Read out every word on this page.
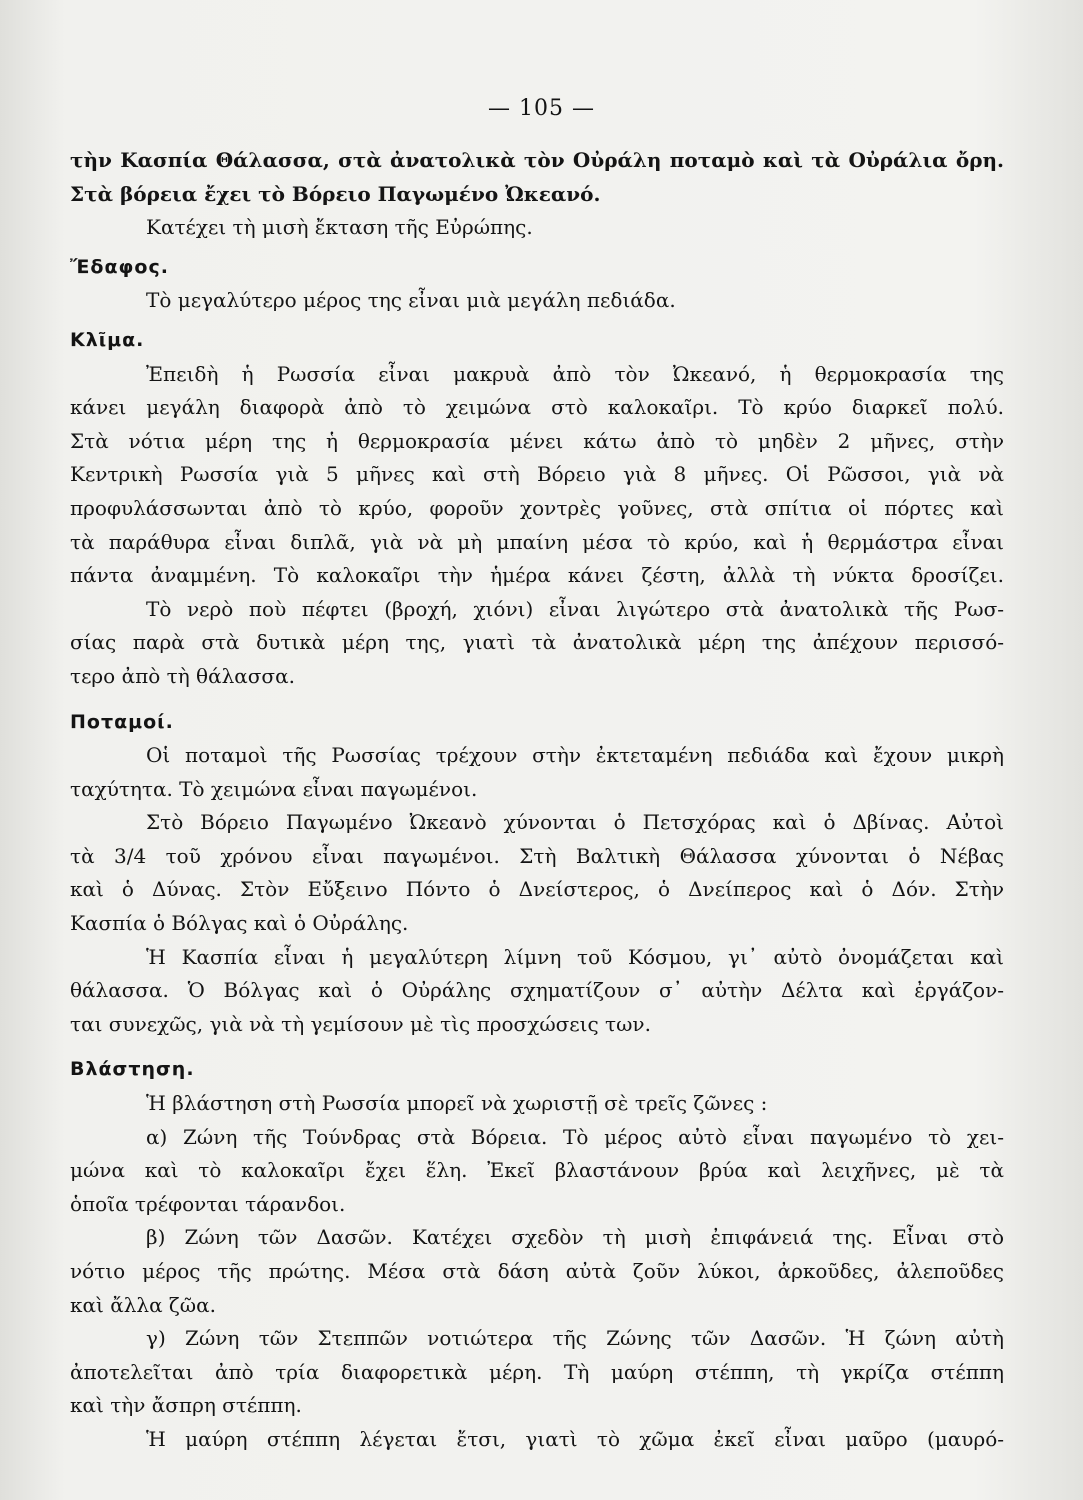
— 105 —
τὴν Κασπία Θάλασσα, στὰ ἀνατολικὰ τὸν Οὐράλη ποταμὸ καὶ τὰ Οὐράλια ὄρη.
Στὰ βόρεια ἔχει τὸ Βόρειο Παγωμένο Ὠκεανό.
Κατέχει τὴ μισὴ ἔκταση τῆς Εὐρώπης.
Ἔδαφος.
Τὸ μεγαλύτερο μέρος της εἶναι μιὰ μεγάλη πεδιάδα.
Κλῖμα.
Ἐπειδὴ ἡ Ρωσσία εἶναι μακρυὰ ἀπὸ τὸν Ὠκεανό, ἡ θερμοκρασία της
κάνει μεγάλη διαφορὰ ἀπὸ τὸ χειμώνα στὸ καλοκαῖρι. Τὸ κρύο διαρκεῖ πολύ.
Στὰ νότια μέρη της ἡ θερμοκρασία μένει κάτω ἀπὸ τὸ μηδὲν 2 μῆνες, στὴν
Κεντρικὴ Ρωσσία γιὰ 5 μῆνες καὶ στὴ Βόρειο γιὰ 8 μῆνες. Οἱ Ρῶσσοι, γιὰ νὰ
προφυλάσσωνται ἀπὸ τὸ κρύο, φοροῦν χοντρὲς γοῦνες, στὰ σπίτια οἱ πόρτες καὶ
τὰ παράθυρα εἶναι διπλᾶ, γιὰ νὰ μὴ μπαίνη μέσα τὸ κρύο, καὶ ἡ θερμάστρα εἶναι
πάντα ἀναμμένη. Τὸ καλοκαῖρι τὴν ἡμέρα κάνει ζέστη, ἀλλὰ τὴ νύκτα δροσίζει.
Τὸ νερὸ ποὺ πέφτει (βροχή, χιόνι) εἶναι λιγώτερο στὰ ἀνατολικὰ τῆς Ρωσ-
σίας παρὰ στὰ δυτικὰ μέρη της, γιατὶ τὰ ἀνατολικὰ μέρη της ἀπέχουν περισσό-
τερο ἀπὸ τὴ θάλασσα.
Ποταμοί.
Οἱ ποταμοὶ τῆς Ρωσσίας τρέχουν στὴν ἐκτεταμένη πεδιάδα καὶ ἔχουν μικρὴ
ταχύτητα. Τὸ χειμώνα εἶναι παγωμένοι.
Στὸ Βόρειο Παγωμένο Ὠκεανὸ χύνονται ὁ Πετσχόρας καὶ ὁ Δβίνας. Αὐτοὶ
τὰ 3/4 τοῦ χρόνου εἶναι παγωμένοι. Στὴ Βαλτικὴ Θάλασσα χύνονται ὁ Νέβας
καὶ ὁ Δύνας. Στὸν Εὔξεινο Πόντο ὁ Δνείστερος, ὁ Δνείπερος καὶ ὁ Δόν. Στὴν
Κασπία ὁ Βόλγας καὶ ὁ Οὐράλης.
Ἡ Κασπία εἶναι ἡ μεγαλύτερη λίμνη τοῦ Κόσμου, γι᾿ αὐτὸ ὀνομάζεται καὶ
θάλασσα. Ὁ Βόλγας καὶ ὁ Οὐράλης σχηματίζουν σ᾿ αὐτὴν Δέλτα καὶ ἐργάζον-
ται συνεχῶς, γιὰ νὰ τὴ γεμίσουν μὲ τὶς προσχώσεις των.
Βλάστηση.
Ἡ βλάστηση στὴ Ρωσσία μπορεῖ νὰ χωριστῇ σὲ τρεῖς ζῶνες :
α) Ζώνη τῆς Τούνδρας στὰ Βόρεια. Τὸ μέρος αὐτὸ εἶναι παγωμένο τὸ χει-
μώνα καὶ τὸ καλοκαῖρι ἔχει ἕλη. Ἐκεῖ βλαστάνουν βρύα καὶ λειχῆνες, μὲ τὰ
ὁποῖα τρέφονται τάρανδοι.
β) Ζώνη τῶν Δασῶν. Κατέχει σχεδὸν τὴ μισὴ ἐπιφάνειά της. Εἶναι στὸ
νότιο μέρος τῆς πρώτης. Μέσα στὰ δάση αὐτὰ ζοῦν λύκοι, ἀρκοῦδες, ἀλεποῦδες
καὶ ἄλλα ζῶα.
γ) Ζώνη τῶν Στεππῶν νοτιώτερα τῆς Ζώνης τῶν Δασῶν. Ἡ ζώνη αὐτὴ
ἀποτελεῖται ἀπὸ τρία διαφορετικὰ μέρη. Τὴ μαύρη στέππη, τὴ γκρίζα στέππη
καὶ τὴν ἄσπρη στέππη.
Ἡ μαύρη στέππη λέγεται ἔτσι, γιατὶ τὸ χῶμα ἐκεῖ εἶναι μαῦρο (μαυρό-
